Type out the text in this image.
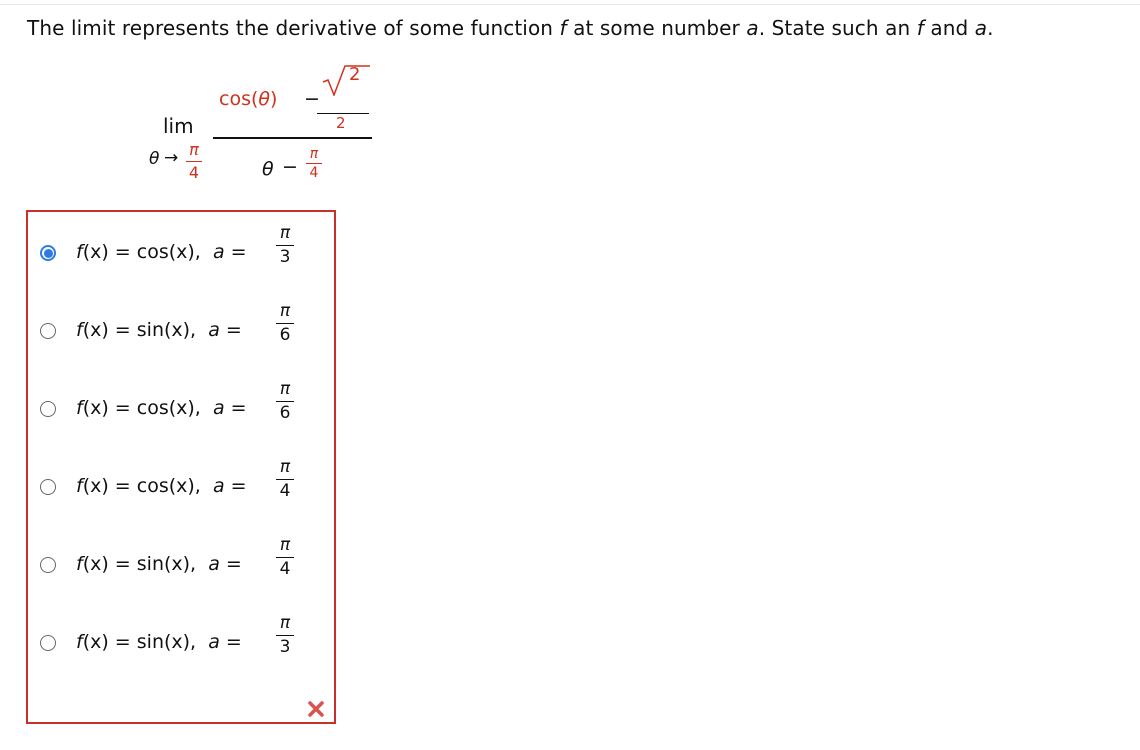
The limit represents the derivative of some function f at some number a. State such an f and a.
lim
θ → π
4
cos(θ) −
2
2
θ −
π
4
f(x) = cos(x), a =
π
3
f(x) = sin(x), a =
π
6
f(x) = cos(x), a =
π
6
f(x) = cos(x), a =
π
4
f(x) = sin(x), a =
π
4
f(x) = sin(x), a =
π
3
